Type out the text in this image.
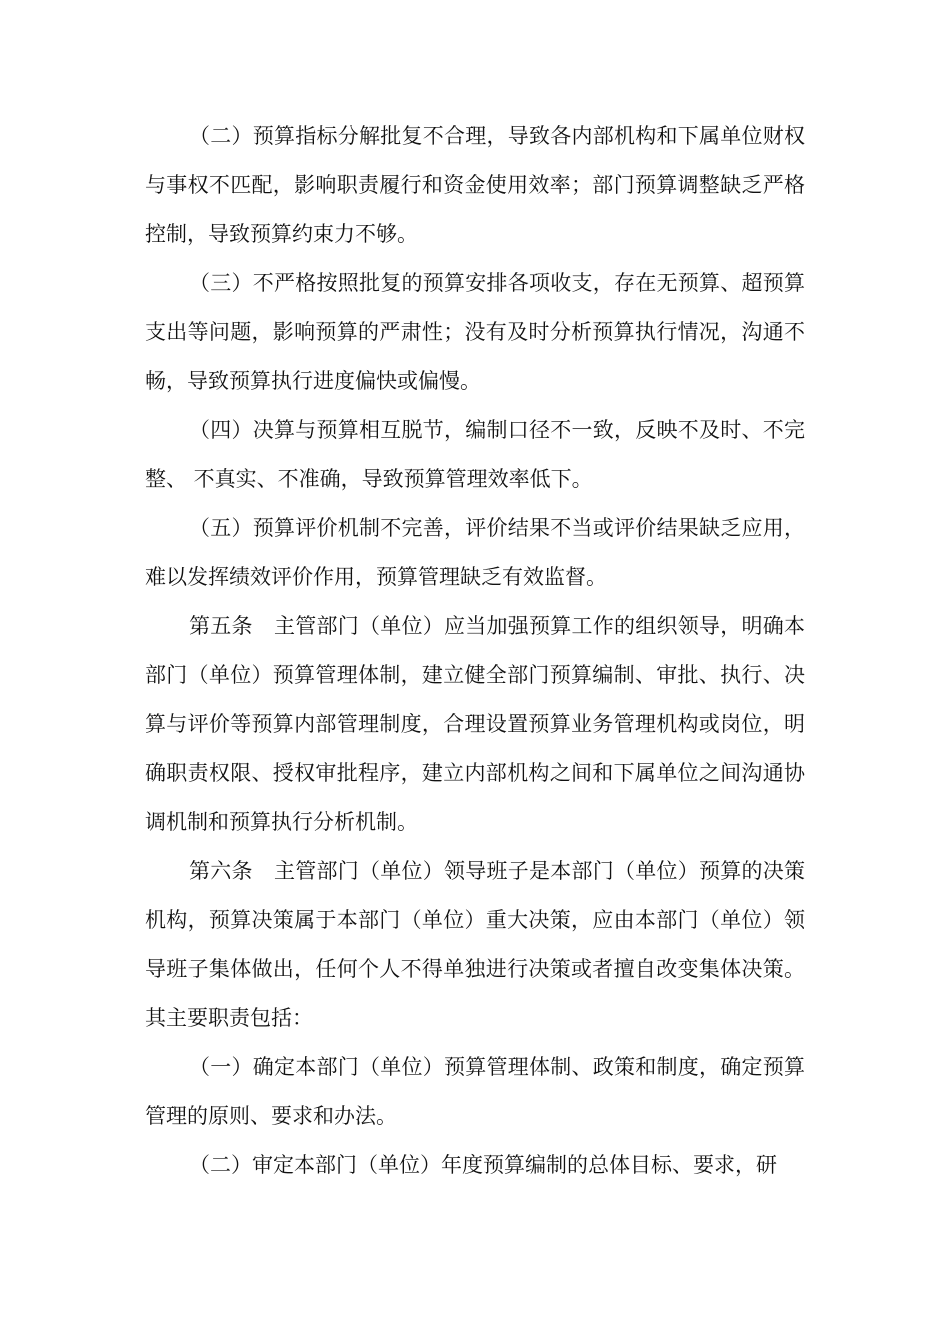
（二）预算指标分解批复不合理，导致各内部机构和下属单位财权与事权不匹配，影响职责履行和资金使用效率；部门预算调整缺乏严格控制，导致预算约束力不够。

（三）不严格按照批复的预算安排各项收支，存在无预算、超预算支出等问题，影响预算的严肃性；没有及时分析预算执行情况，沟通不畅，导致预算执行进度偏快或偏慢。

（四）决算与预算相互脱节，编制口径不一致，反映不及时、不完整、 不真实、不准确，导致预算管理效率低下。

（五）预算评价机制不完善，评价结果不当或评价结果缺乏应用，难以发挥绩效评价作用，预算管理缺乏有效监督。

第五条　主管部门（单位）应当加强预算工作的组织领导，明确本部门（单位）预算管理体制，建立健全部门预算编制、审批、执行、决算与评价等预算内部管理制度，合理设置预算业务管理机构或岗位，明确职责权限、授权审批程序，建立内部机构之间和下属单位之间沟通协调机制和预算执行分析机制。

第六条　主管部门（单位）领导班子是本部门（单位）预算的决策机构，预算决策属于本部门（单位）重大决策，应由本部门（单位）领导班子集体做出，任何个人不得单独进行决策或者擅自改变集体决策。其主要职责包括：

（一）确定本部门（单位）预算管理体制、政策和制度，确定预算管理的原则、要求和办法。

（二）审定本部门（单位）年度预算编制的总体目标、要求，研
